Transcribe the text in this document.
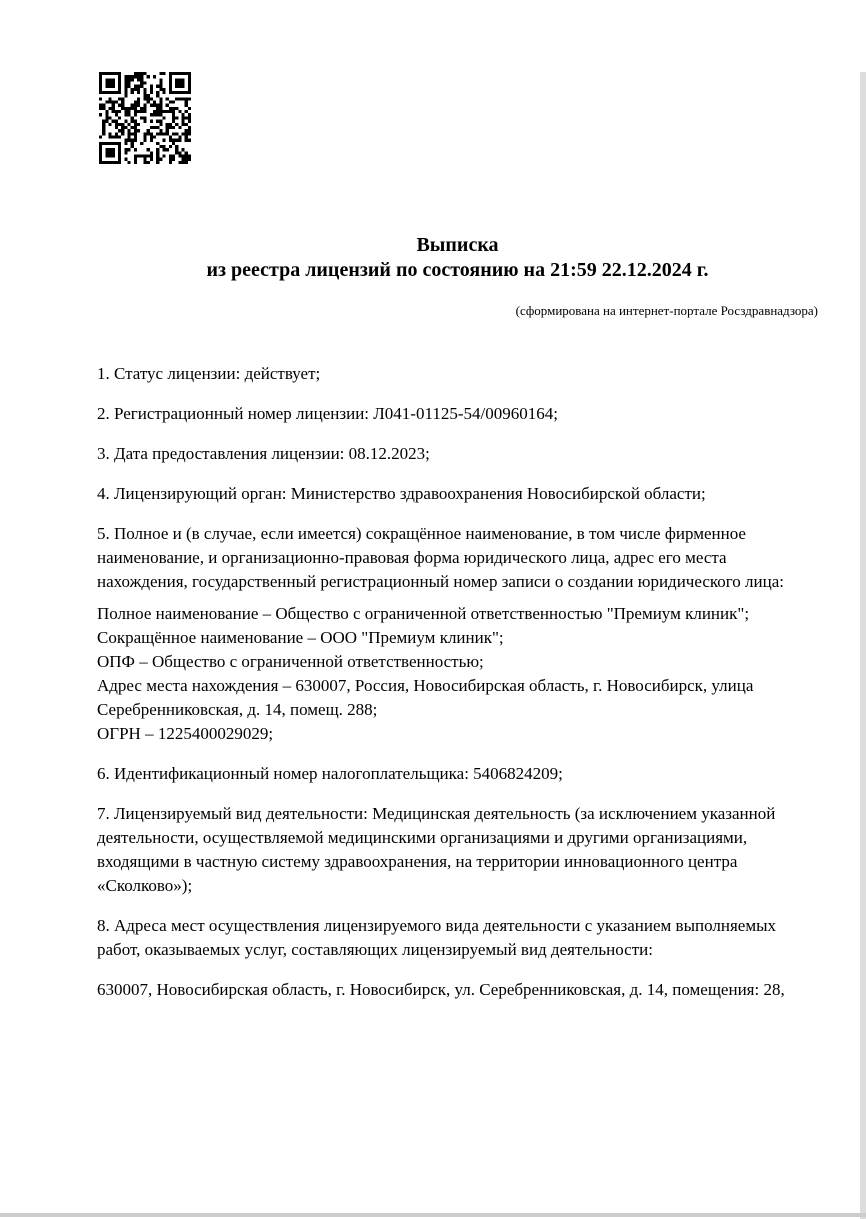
Выписка
из реестра лицензий по состоянию на 21:59 22.12.2024 г.
(сформирована на интернет-портале Росздравнадзора)

1. Статус лицензии: действует;

2. Регистрационный номер лицензии: Л041-01125-54/00960164;

3. Дата предоставления лицензии: 08.12.2023;

4. Лицензирующий орган: Министерство здравоохранения Новосибирской области;

5. Полное и (в случае, если имеется) сокращённое наименование, в том числе фирменное
наименование, и организационно-правовая форма юридического лица, адрес его места
нахождения, государственный регистрационный номер записи о создании юридического лица:

Полное наименование – Общество с ограниченной ответственностью "Премиум клиник";
Сокращённое наименование – ООО "Премиум клиник";
ОПФ – Общество с ограниченной ответственностью;
Адрес места нахождения – 630007, Россия, Новосибирская область, г. Новосибирск, улица
Серебренниковская, д. 14, помещ. 288;
ОГРН – 1225400029029;

6. Идентификационный номер налогоплательщика: 5406824209;

7. Лицензируемый вид деятельности: Медицинская деятельность (за исключением указанной
деятельности, осуществляемой медицинскими организациями и другими организациями,
входящими в частную систему здравоохранения, на территории инновационного центра
«Сколково»);

8. Адреса мест осуществления лицензируемого вида деятельности с указанием выполняемых
работ, оказываемых услуг, составляющих лицензируемый вид деятельности:

630007, Новосибирская область, г. Новосибирск, ул. Серебренниковская, д. 14, помещения: 28,
